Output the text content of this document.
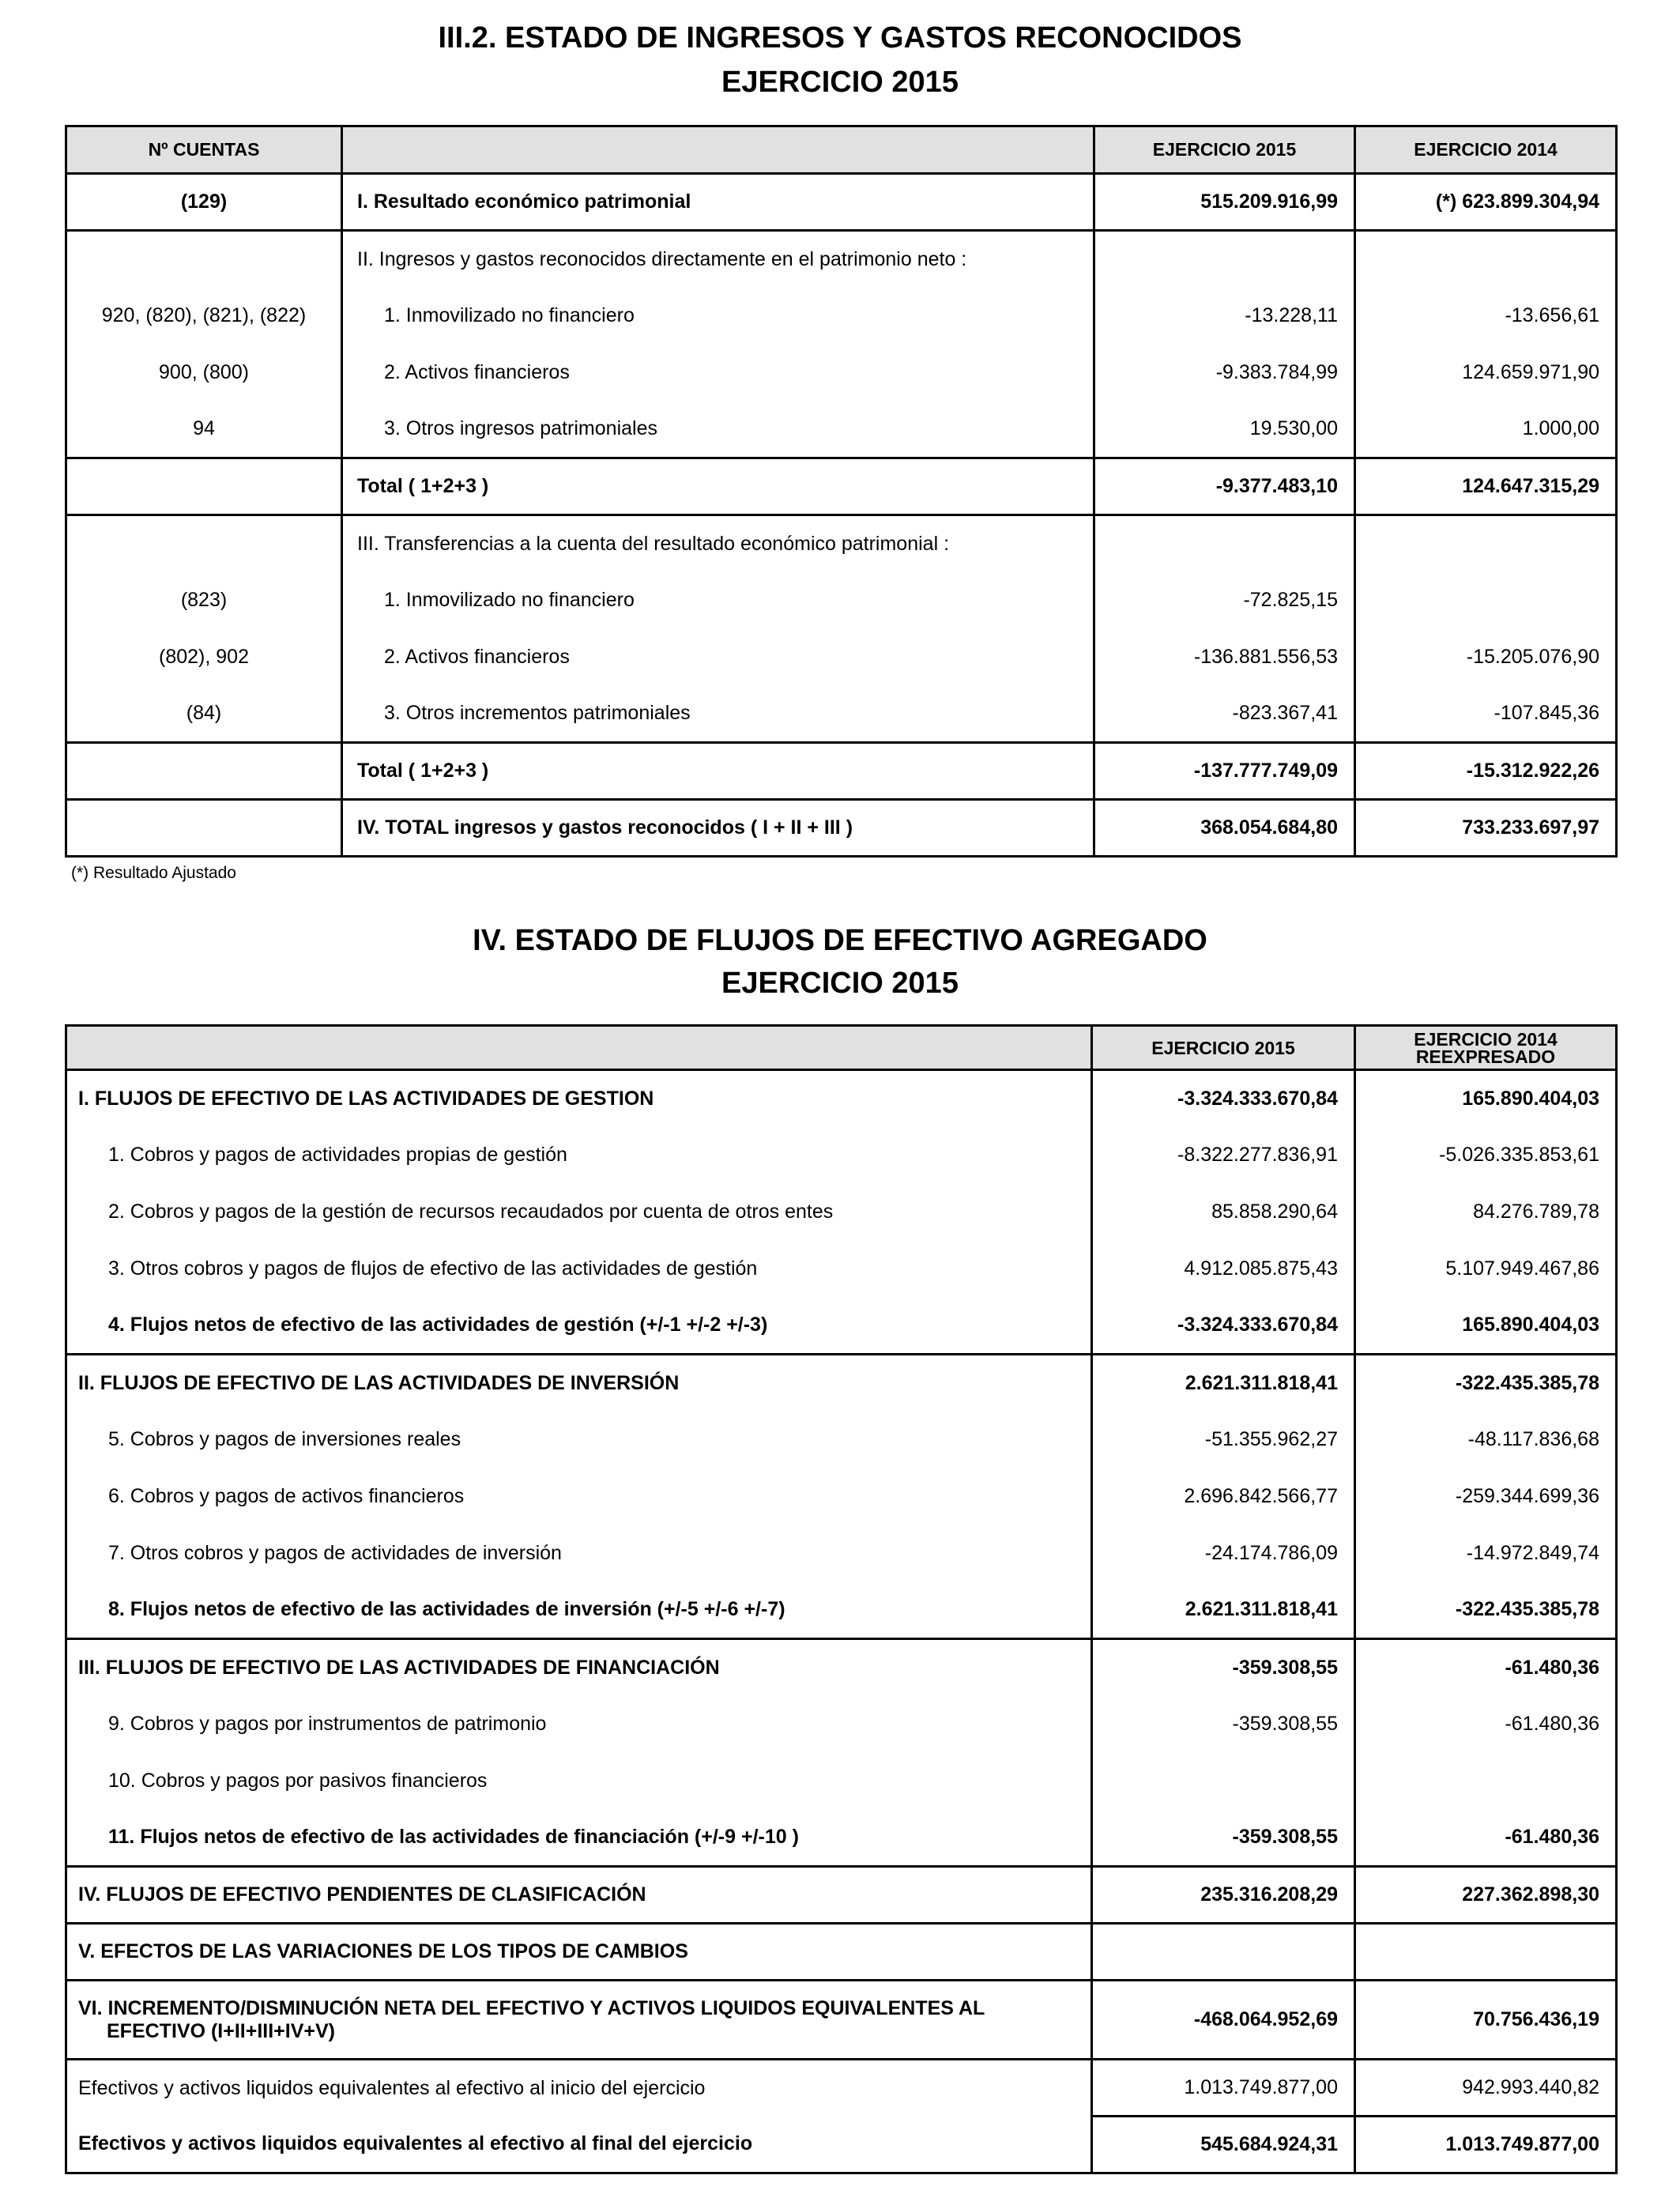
III.2. ESTADO DE INGRESOS Y GASTOS RECONOCIDOS
EJERCICIO 2015
Nº CUENTAS		EJERCICIO 2015	EJERCICIO 2014
(129)	I. Resultado económico patrimonial	515.209.916,99	(*) 623.899.304,94
	II. Ingresos y gastos reconocidos directamente en el patrimonio neto :		
920, (820), (821), (822)	1. Inmovilizado no financiero	-13.228,11	-13.656,61
900, (800)	2. Activos financieros	-9.383.784,99	124.659.971,90
94	3. Otros ingresos patrimoniales	19.530,00	1.000,00
	Total ( 1+2+3 )	-9.377.483,10	124.647.315,29
	III. Transferencias a la cuenta del resultado económico patrimonial :		
(823)	1. Inmovilizado no financiero	-72.825,15	
(802), 902	2. Activos financieros	-136.881.556,53	-15.205.076,90
(84)	3. Otros incrementos patrimoniales	-823.367,41	-107.845,36
	Total ( 1+2+3 )	-137.777.749,09	-15.312.922,26
	IV. TOTAL ingresos y gastos reconocidos ( I + II + III )	368.054.684,80	733.233.697,97
(*) Resultado Ajustado
IV. ESTADO DE FLUJOS DE EFECTIVO AGREGADO
EJERCICIO 2015
	EJERCICIO 2015	EJERCICIO 2014
REEXPRESADO

I. FLUJOS DE EFECTIVO DE LAS ACTIVIDADES DE GESTION	-3.324.333.670,84	165.890.404,03
1. Cobros y pagos de actividades propias de gestión	-8.322.277.836,91	-5.026.335.853,61
2. Cobros y pagos de la gestión de recursos recaudados por cuenta de otros entes	85.858.290,64	84.276.789,78
3. Otros cobros y pagos de flujos de efectivo de las actividades de gestión	4.912.085.875,43	5.107.949.467,86
4. Flujos netos de efectivo de las actividades de gestión (+/-1 +/-2 +/-3)	-3.324.333.670,84	165.890.404,03
II. FLUJOS DE EFECTIVO DE LAS ACTIVIDADES DE INVERSIÓN	2.621.311.818,41	-322.435.385,78
5. Cobros y pagos de inversiones reales	-51.355.962,27	-48.117.836,68
6. Cobros y pagos de activos financieros	2.696.842.566,77	-259.344.699,36
7. Otros cobros y pagos de actividades de inversión	-24.174.786,09	-14.972.849,74
8. Flujos netos de efectivo de las actividades de inversión (+/-5 +/-6 +/-7)	2.621.311.818,41	-322.435.385,78
III. FLUJOS DE EFECTIVO DE LAS ACTIVIDADES DE FINANCIACIÓN	-359.308,55	-61.480,36
9. Cobros y pagos por instrumentos de patrimonio	-359.308,55	-61.480,36
10. Cobros y pagos por pasivos financieros		
11. Flujos netos de efectivo de las actividades de financiación (+/-9 +/-10 )	-359.308,55	-61.480,36
IV. FLUJOS DE EFECTIVO PENDIENTES DE CLASIFICACIÓN	235.316.208,29	227.362.898,30
V. EFECTOS DE LAS VARIACIONES DE LOS TIPOS DE CAMBIOS		

VI. INCREMENTO/DISMINUCIÓN NETA DEL EFECTIVO Y ACTIVOS LIQUIDOS EQUIVALENTES AL
EFECTIVO (I+II+III+IV+V)	-468.064.952,69	70.756.436,19
Efectivos y activos liquidos equivalentes al efectivo al inicio del ejercicio	1.013.749.877,00	942.993.440,82
Efectivos y activos liquidos equivalentes al efectivo al final del ejercicio	545.684.924,31	1.013.749.877,00
